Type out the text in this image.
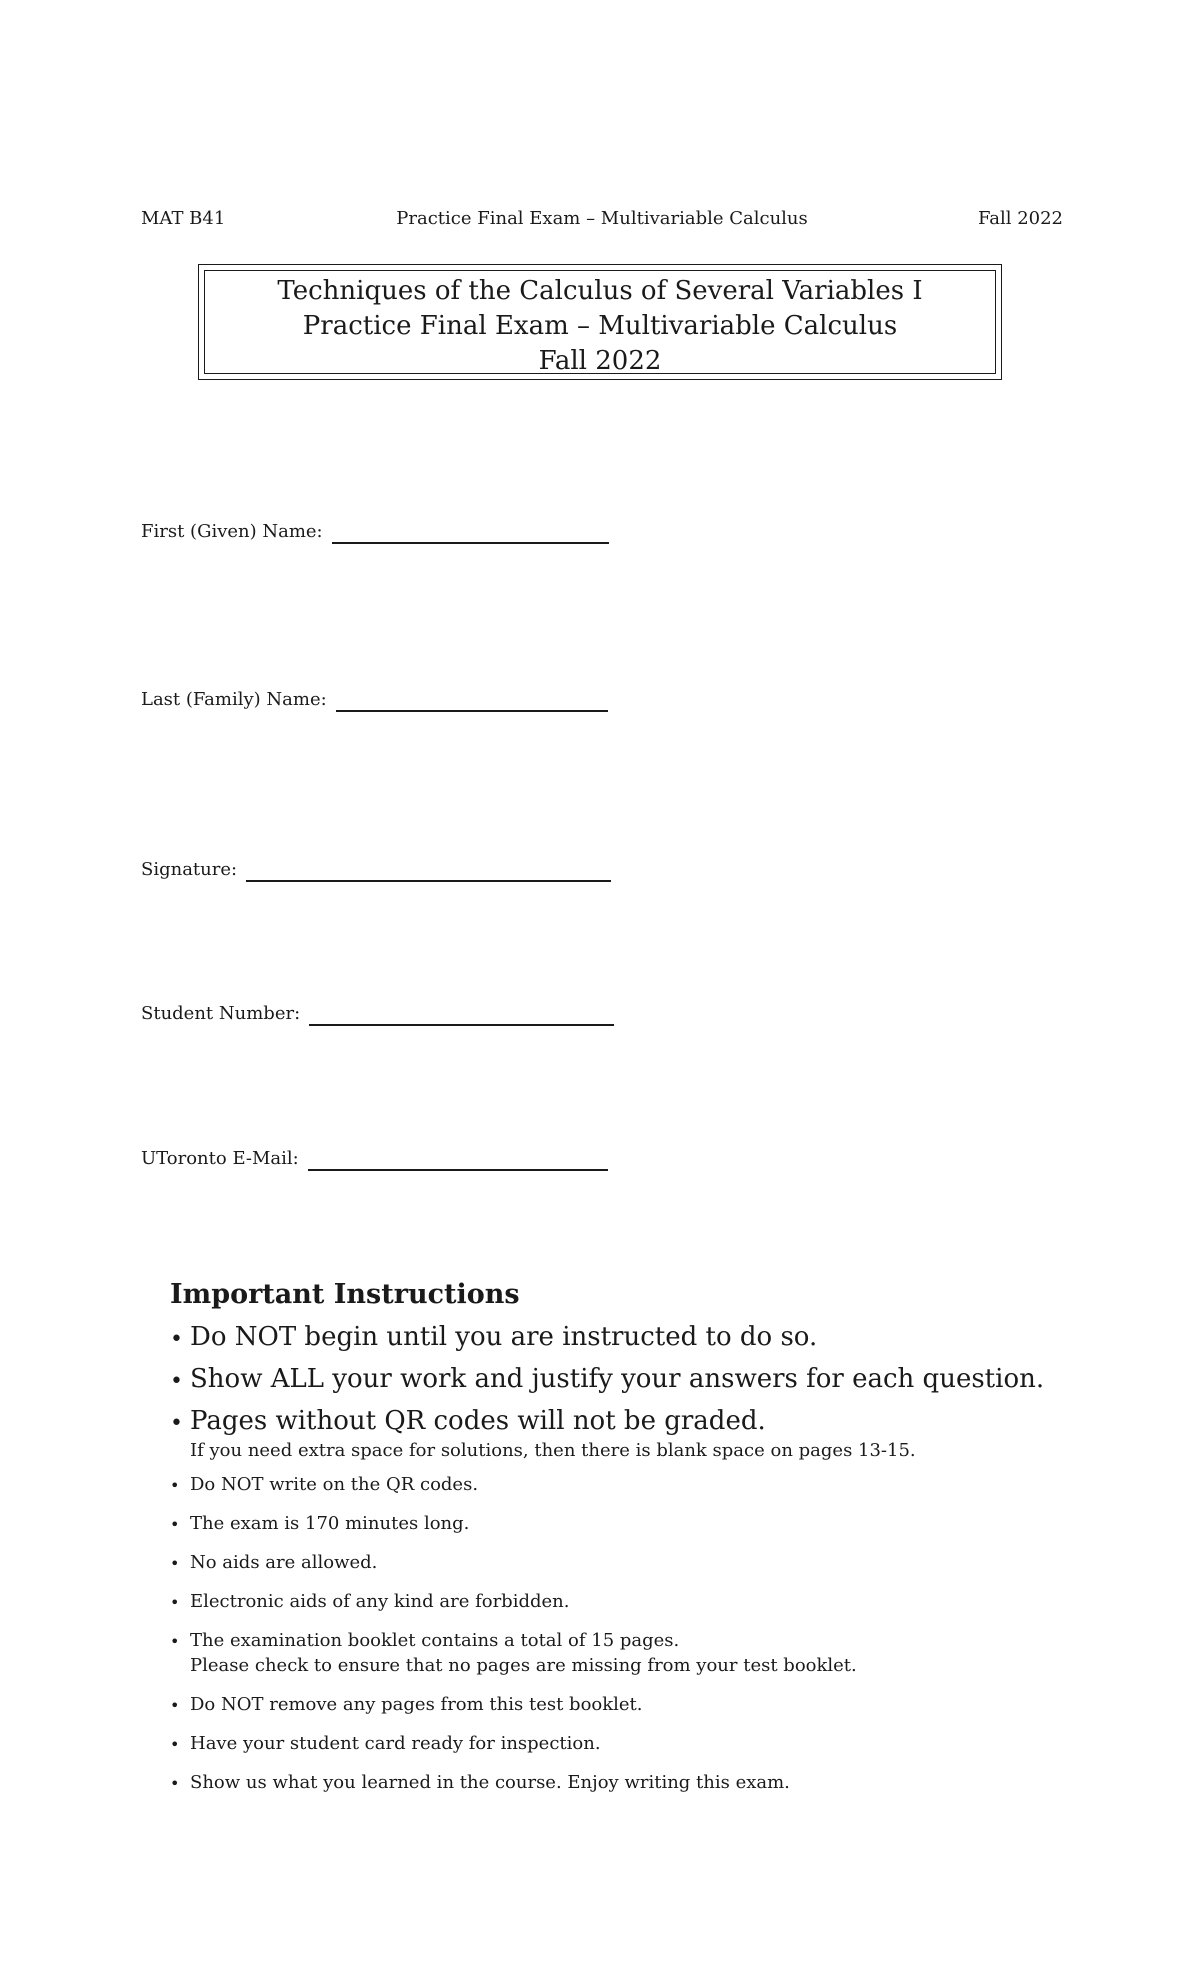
Practice Final Exam – Multivariable Calculus
MAT B41	Fall 2022
Techniques of the Calculus of Several Variables I
Practice Final Exam – Multivariable Calculus
Fall 2022
First (Given) Name:
Last (Family) Name:
Signature:
Student Number:
UToronto E-Mail:
Important Instructions
• Do NOT begin until you are instructed to do so.
• Show ALL your work and justify your answers for each question.
• Pages without QR codes will not be graded.
If you need extra space for solutions, then there is blank space on pages 13-15.
• Do NOT write on the QR codes.
• The exam is 170 minutes long.
• No aids are allowed.
• Electronic aids of any kind are forbidden.
• The examination booklet contains a total of 15 pages.
Please check to ensure that no pages are missing from your test booklet.
• Do NOT remove any pages from this test booklet.
• Have your student card ready for inspection.
• Show us what you learned in the course. Enjoy writing this exam.
